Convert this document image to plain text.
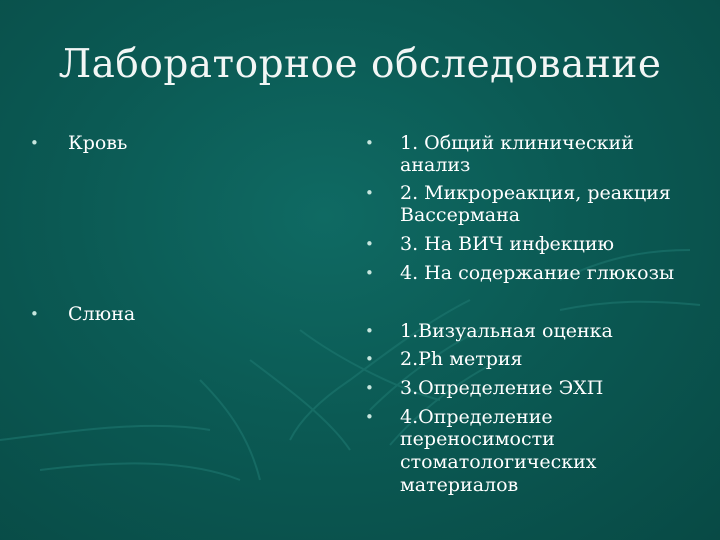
Лабораторное обследование
• Кровь
• Слюна
• 1. Общий клинический
анализ
• 2. Микрореакция, реакция
Вассермана
• 3. На ВИЧ инфекцию
• 4. На содержание глюкозы
• 1.Визуальная оценка
• 2.Ph метрия
• 3.Определение ЭХП
• 4.Определение
переносимости
стоматологических
материалов
